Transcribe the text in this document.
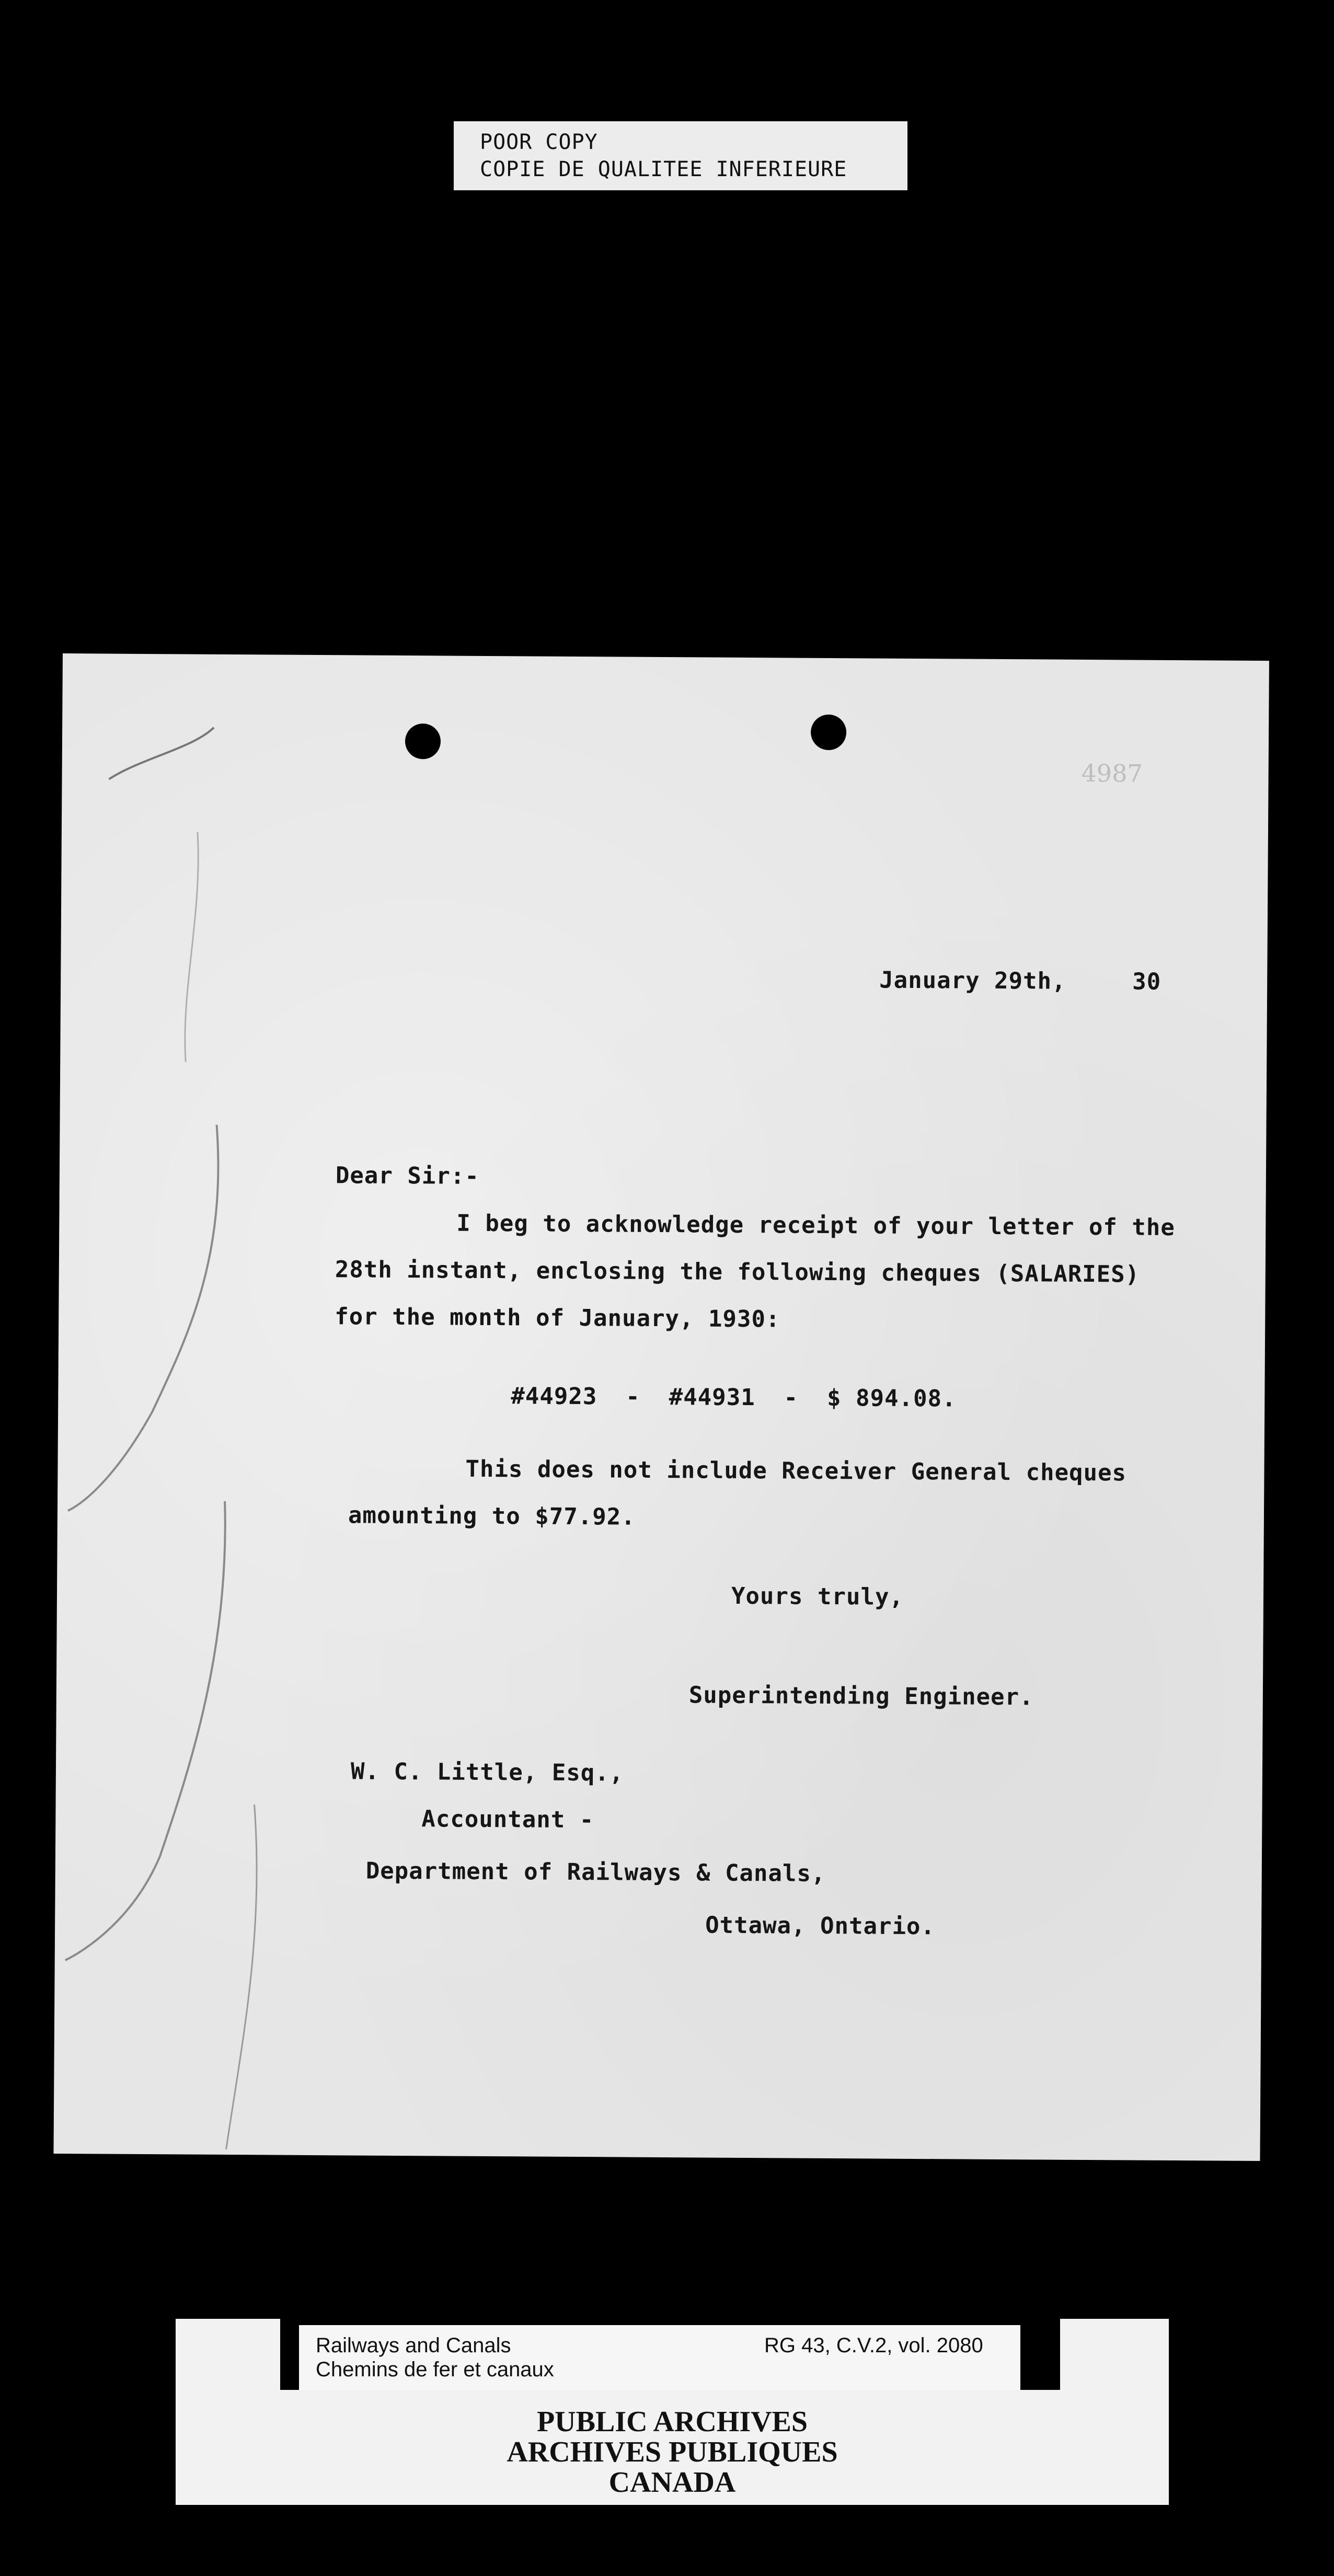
POOR COPY
COPIE DE QUALITEE INFERIEURE
4987
January 29th,	30
Dear Sir:-
I beg to acknowledge receipt of your letter of the
28th instant, enclosing the following cheques (SALARIES)
for the month of January, 1930:
#44923  -  #44931  -  $ 894.08.
This does not include Receiver General cheques
amounting to $77.92.
Yours truly,
Superintending Engineer.
W. C. Little, Esq.,
Accountant -
Department of Railways & Canals,
Ottawa, Ontario.
Railways and Canals
Chemins de fer et canaux
RG 43, C.V.2, vol. 2080
PUBLIC ARCHIVES
ARCHIVES PUBLIQUES
CANADA
